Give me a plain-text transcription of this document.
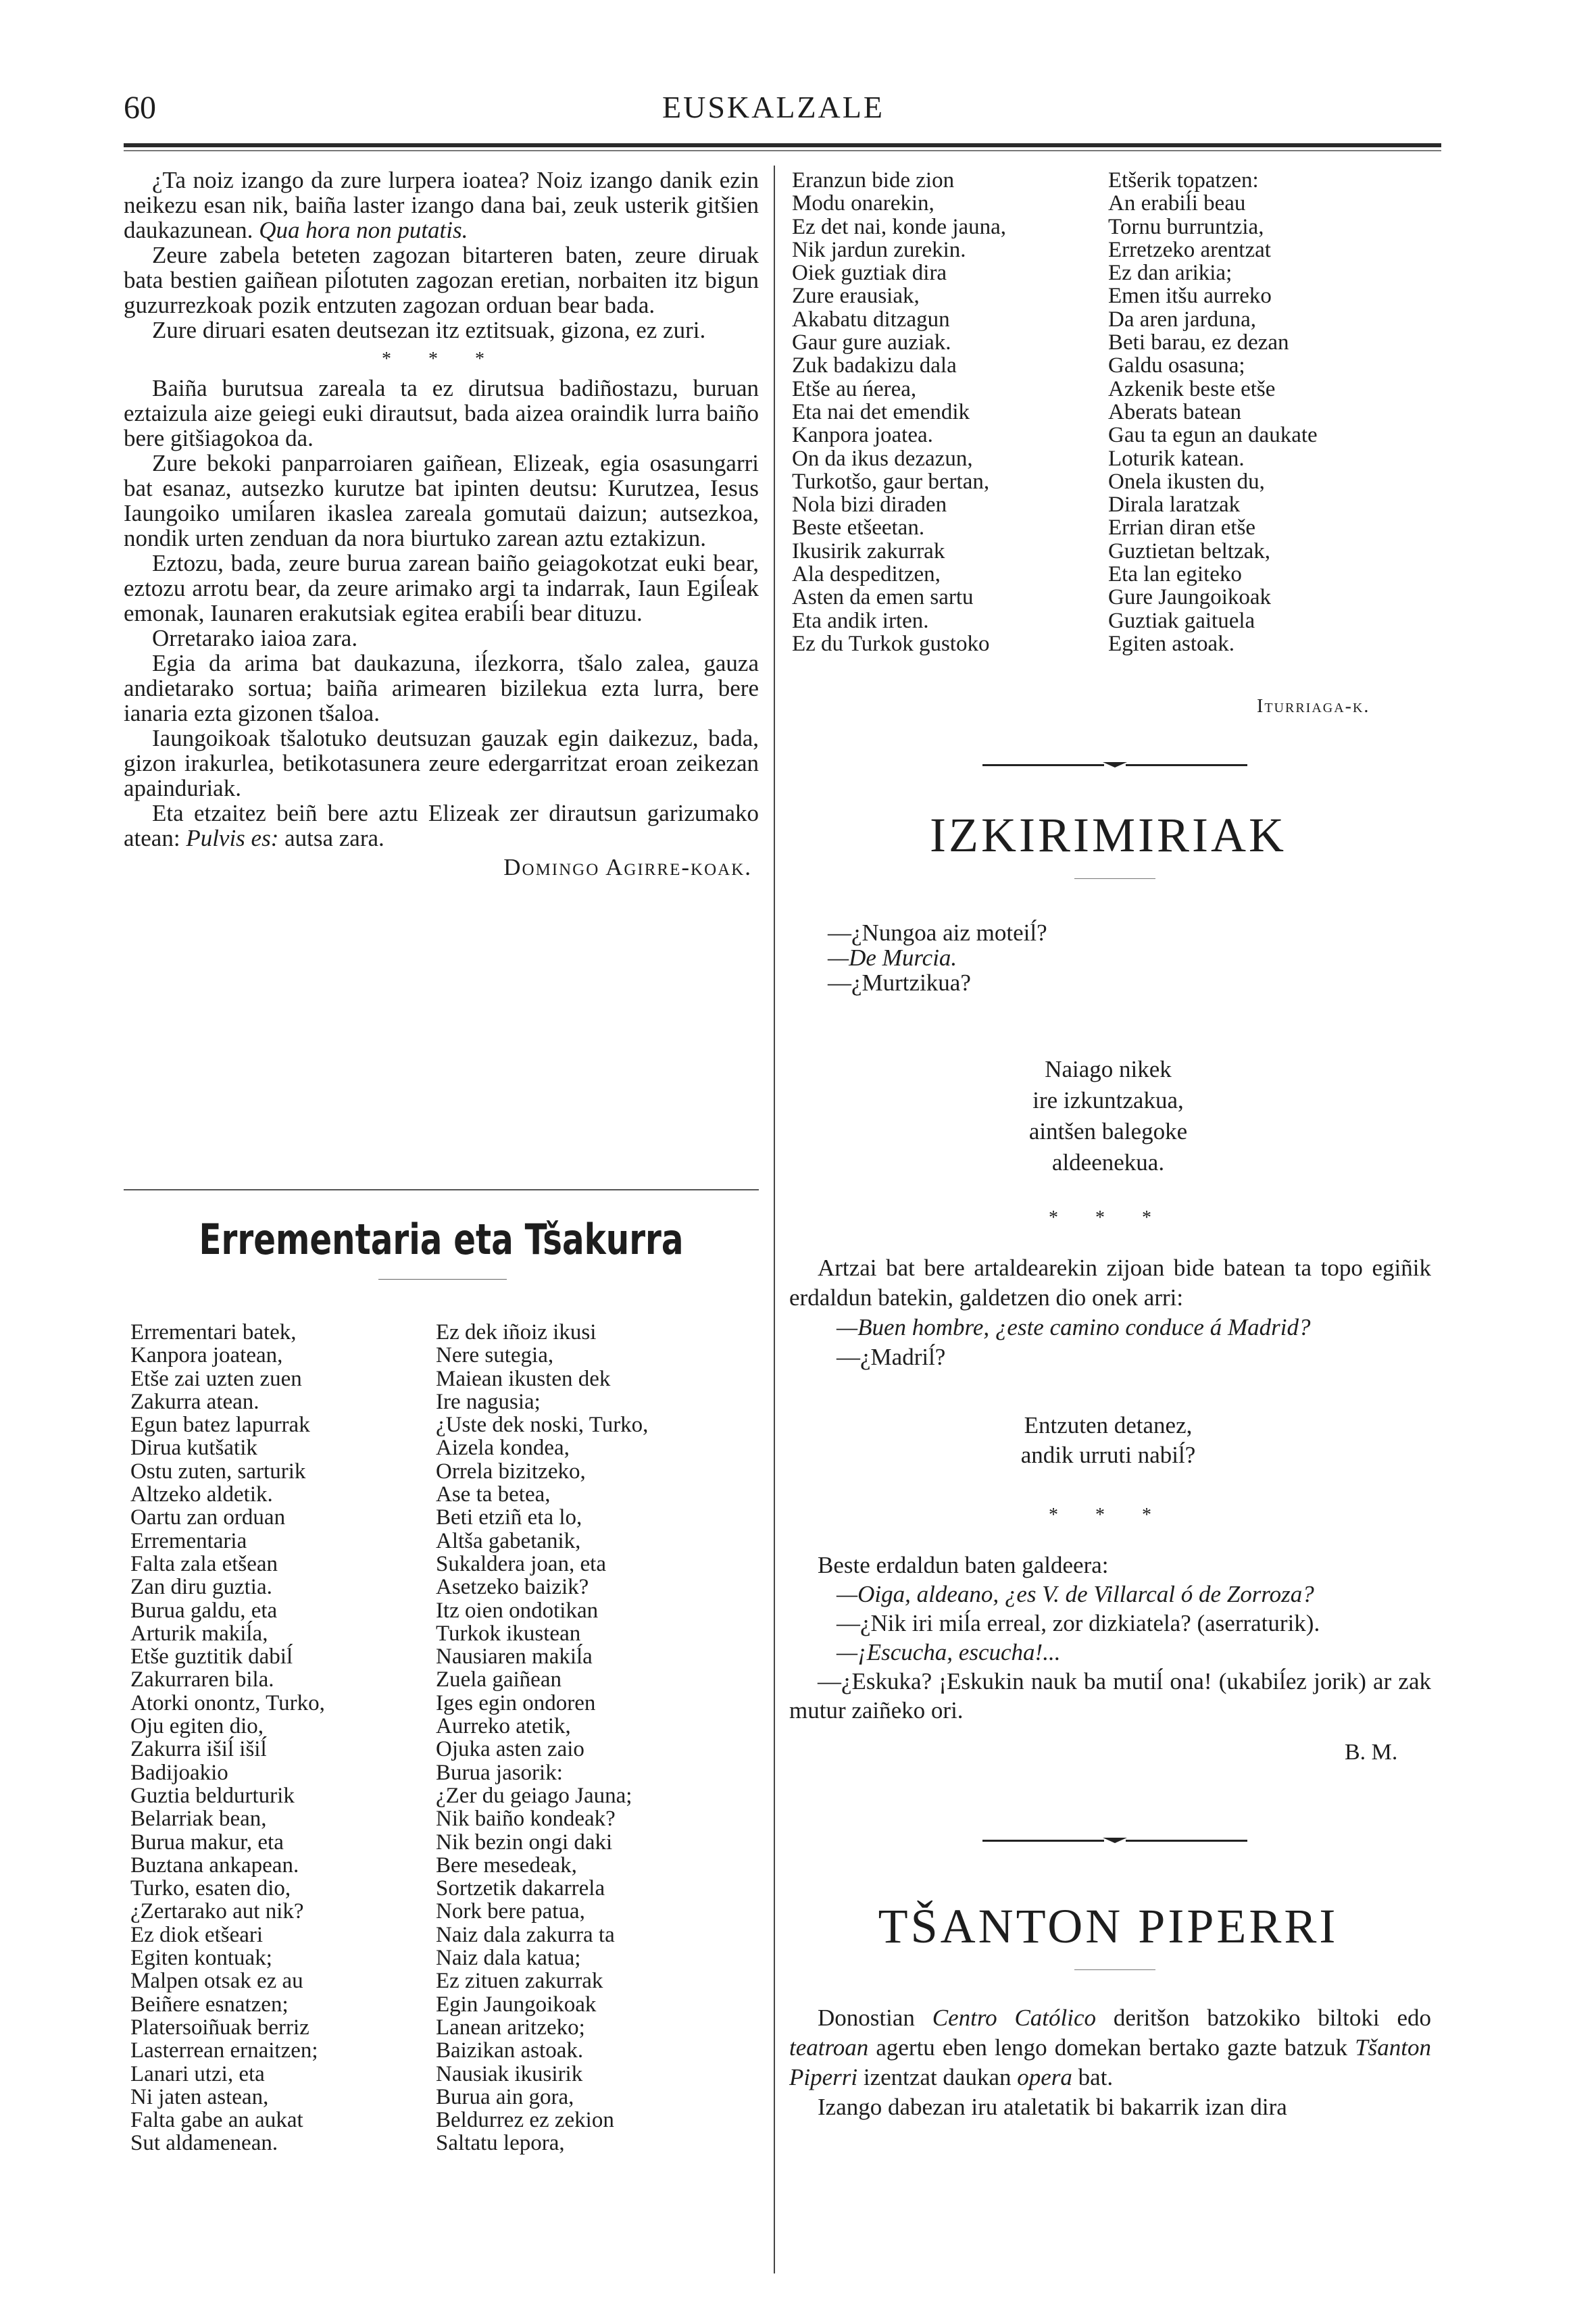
60	EUSKALZALE

¿Ta noiz izango da zure lurpera ioatea? Noiz izango danik ezin neikezu esan nik, baiña laster izango dana bai, zeuk usterik gitšien daukazunean. Qua hora non putatis.

Zeure zabela beteten zagozan bitarteren baten, zeure diruak bata bestien gaiñean piĺotuten zagozan eretian, norbaiten itz bigun guzurrezkoak pozik entzuten zagozan orduan bear bada.

Zure diruari esaten deutsezan itz eztitsuak, gizona, ez zuri.

* * *

Baiña burutsua zareala ta ez dirutsua badiñostazu, buruan eztaizula aize geiegi euki dirautsut, bada aizea oraindik lurra baiño bere gitšiagokoa da.

Zure bekoki panparroiaren gaiñean, Elizeak, egia osasungarri bat esanaz, autsezko kurutze bat ipinten deutsu: Kurutzea, Iesus Iaungoiko umiĺaren ikaslea zareala gomutaü daizun; autsezkoa, nondik urten zenduan da nora biurtuko zarean aztu eztakizun.

Eztozu, bada, zeure burua zarean baiño geiagokotzat euki bear, eztozu arrotu bear, da zeure arimako argi ta indarrak, Iaun Egiĺeak emonak, Iaunaren erakutsiak egitea erabiĺi bear dituzu.

Orretarako iaioa zara.

Egia da arima bat daukazuna, iĺezkorra, tšalo zalea, gauza andietarako sortua; baiña arimearen bizilekua ezta lurra, bere ianaria ezta gizonen tšaloa.

Iaungoikoak tšalotuko deutsuzan gauzak egin daikezuz, bada, gizon irakurlea, betikotasunera zeure edergarritzat eroan zeikezan apainduriak.

Eta etzaitez beiñ bere aztu Elizeak zer dirautsun garizumako atean: Pulvis es: autsa zara.

Domingo Agirre-koak.
Errementaria eta Tšakurra
Errementari batek,
Kanpora joatean,
Etše zai uzten zuen
Zakurra atean.
Egun batez lapurrak
Dirua kutšatik
Ostu zuten, sarturik
Altzeko aldetik.
Oartu zan orduan
Errementaria
Falta zala etšean
Zan diru guztia.
Burua galdu, eta
Arturik makiĺa,
Etše guztitik dabiĺ
Zakurraren bila.
Atorki onontz, Turko,
Oju egiten dio,
Zakurra išiĺ išiĺ
Badijoakio
Guztia beldurturik
Belarriak bean,
Burua makur, eta
Buztana ankapean.
Turko, esaten dio,
¿Zertarako aut nik?
Ez diok etšeari
Egiten kontuak;
Malpen otsak ez au
Beiñere esnatzen;
Platersoiñuak berriz
Lasterrean ernaitzen;
Lanari utzi, eta
Ni jaten astean,
Falta gabe an aukat
Sut aldamenean.
Ez dek iñoiz ikusi
Nere sutegia,
Maiean ikusten dek
Ire nagusia;
¿Uste dek noski, Turko,
Aizela kondea,
Orrela bizitzeko,
Ase ta betea,
Beti etziñ eta lo,
Altša gabetanik,
Sukaldera joan, eta
Asetzeko baizik?
Itz oien ondotikan
Turkok ikustean
Nausiaren makiĺa
Zuela gaiñean
Iges egin ondoren
Aurreko atetik,
Ojuka asten zaio
Burua jasorik:
¿Zer du geiago Jauna;
Nik baiño kondeak?
Nik bezin ongi daki
Bere mesedeak,
Sortzetik dakarrela
Nork bere patua,
Naiz dala zakurra ta
Naiz dala katua;
Ez zituen zakurrak
Egin Jaungoikoak
Lanean aritzeko;
Baizikan astoak.
Nausiak ikusirik
Burua ain gora,
Beldurrez ez zekion
Saltatu lepora,
Eranzun bide zion
Modu onarekin,
Ez det nai, konde jauna,
Nik jardun zurekin.
Oiek guztiak dira
Zure erausiak,
Akabatu ditzagun
Gaur gure auziak.
Zuk badakizu dala
Etše au ńerea,
Eta nai det emendik
Kanpora joatea.
On da ikus dezazun,
Turkotšo, gaur bertan,
Nola bizi diraden
Beste etšeetan.
Ikusirik zakurrak
Ala despeditzen,
Asten da emen sartu
Eta andik irten.
Ez du Turkok gustoko
Etšerik topatzen:
An erabiĺi beau
Tornu burruntzia,
Erretzeko arentzat
Ez dan arikia;
Emen itšu aurreko
Da aren jarduna,
Beti barau, ez dezan
Galdu osasuna;
Azkenik beste etše
Aberats batean
Gau ta egun an daukate
Loturik katean.
Onela ikusten du,
Dirala laratzak
Errian diran etše
Guztietan beltzak,
Eta lan egiteko
Gure Jaungoikoak
Guztiak gaituela
Egiten astoak.
Iturriaga-k.
IZKIRIMIRIAK
—¿Nungoa aiz moteiĺ?
—De Murcia.
—¿Murtzikua?
Naiago nikek
ire izkuntzakua,
aintšen balegoke
aldeenekua.
* * *

Artzai bat bere artaldearekin zijoan bide batean ta topo egiñik erdaldun batekin, galdetzen dio onek arri:

—Buen hombre, ¿este camino conduce á Madrid?

—¿Madriĺ?

Entzuten detanez,
andik urruti nabiĺ?
* * *

Beste erdaldun baten galdeera:

—Oiga, aldeano, ¿es V. de Villarcal ó de Zorroza?

—¿Nik iri miĺa erreal, zor dizkiatela? (aserraturik).

—¡Escucha, escucha!...

—¿Eskuka? ¡Eskukin nauk ba mutiĺ ona! (ukabiĺez jorik) ar zak mutur zaiñeko ori.

B. M.
TŠANTON PIPERRI

Donostian Centro Católico deritšon batzokiko biltoki edo teatroan agertu eben lengo domekan bertako gazte batzuk Tšanton Piperri izentzat daukan opera bat.

Izango dabezan iru ataletatik bi bakarrik izan dira
